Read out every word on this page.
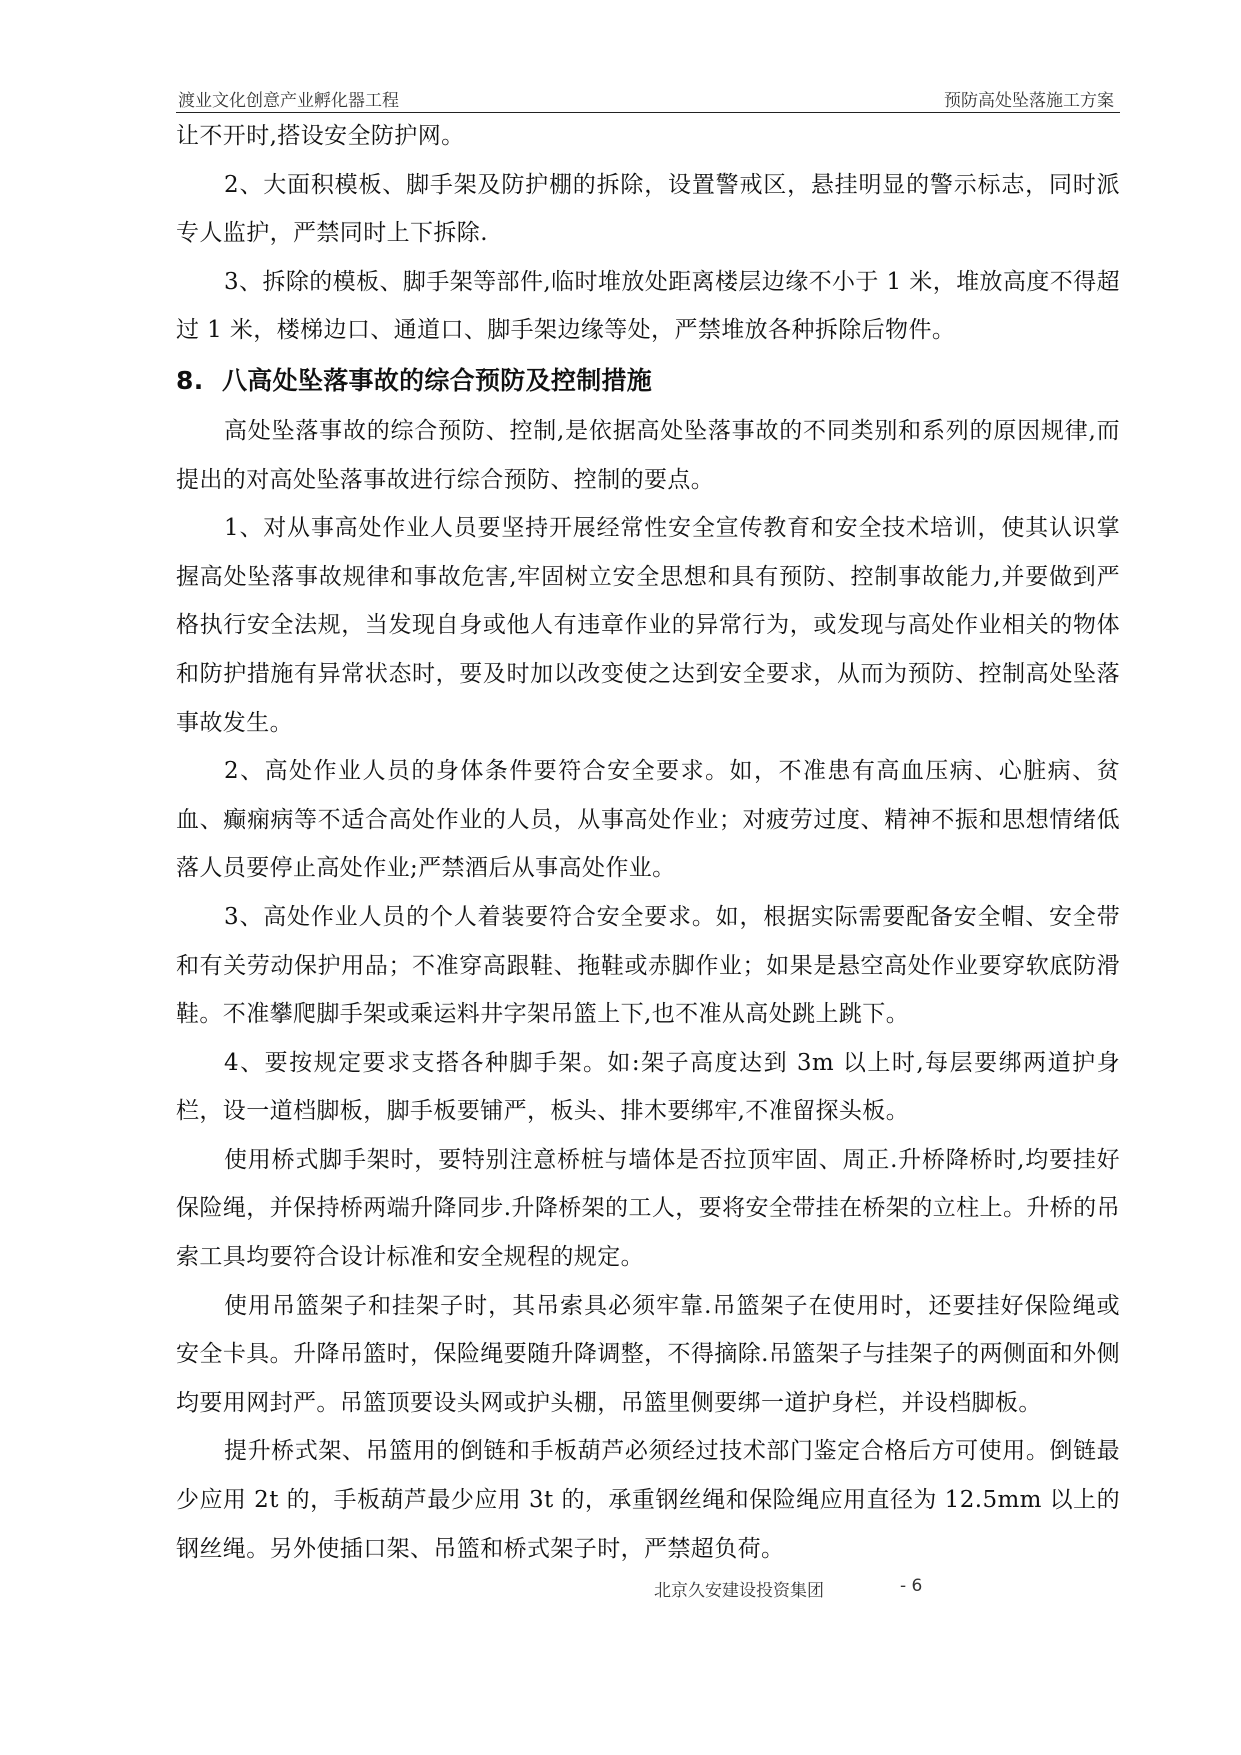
渡业文化创意产业孵化器工程	预防高处坠落施工方案

让不开时,搭设安全防护网。

2、大面积模板、脚手架及防护棚的拆除，设置警戒区，悬挂明显的警示标志，同时派专人监护，严禁同时上下拆除.

3、拆除的模板、脚手架等部件,临时堆放处距离楼层边缘不小于 1 米，堆放高度不得超过 1 米，楼梯边口、通道口、脚手架边缘等处，严禁堆放各种拆除后物件。

8. 八高处坠落事故的综合预防及控制措施

高处坠落事故的综合预防、控制,是依据高处坠落事故的不同类别和系列的原因规律,而提出的对高处坠落事故进行综合预防、控制的要点。

1、对从事高处作业人员要坚持开展经常性安全宣传教育和安全技术培训，使其认识掌握高处坠落事故规律和事故危害,牢固树立安全思想和具有预防、控制事故能力,并要做到严格执行安全法规，当发现自身或他人有违章作业的异常行为，或发现与高处作业相关的物体和防护措施有异常状态时，要及时加以改变使之达到安全要求，从而为预防、控制高处坠落事故发生。

2、高处作业人员的身体条件要符合安全要求。如，不准患有高血压病、心脏病、贫血、癫痫病等不适合高处作业的人员，从事高处作业；对疲劳过度、精神不振和思想情绪低落人员要停止高处作业;严禁酒后从事高处作业。

3、高处作业人员的个人着装要符合安全要求。如，根据实际需要配备安全帽、安全带和有关劳动保护用品；不准穿高跟鞋、拖鞋或赤脚作业；如果是悬空高处作业要穿软底防滑鞋。不准攀爬脚手架或乘运料井字架吊篮上下,也不准从高处跳上跳下。

4、要按规定要求支搭各种脚手架。如:架子高度达到 3m 以上时,每层要绑两道护身栏，设一道档脚板，脚手板要铺严，板头、排木要绑牢,不准留探头板。

使用桥式脚手架时，要特别注意桥桩与墙体是否拉顶牢固、周正.升桥降桥时,均要挂好保险绳，并保持桥两端升降同步.升降桥架的工人，要将安全带挂在桥架的立柱上。升桥的吊索工具均要符合设计标准和安全规程的规定。

使用吊篮架子和挂架子时，其吊索具必须牢靠.吊篮架子在使用时，还要挂好保险绳或安全卡具。升降吊篮时，保险绳要随升降调整，不得摘除.吊篮架子与挂架子的两侧面和外侧均要用网封严。吊篮顶要设头网或护头棚，吊篮里侧要绑一道护身栏，并设档脚板。

提升桥式架、吊篮用的倒链和手板葫芦必须经过技术部门鉴定合格后方可使用。倒链最少应用 2t 的，手板葫芦最少应用 3t 的，承重钢丝绳和保险绳应用直径为 12.5mm 以上的钢丝绳。另外使插口架、吊篮和桥式架子时，严禁超负荷。

北京久安建设投资集团	- 6
